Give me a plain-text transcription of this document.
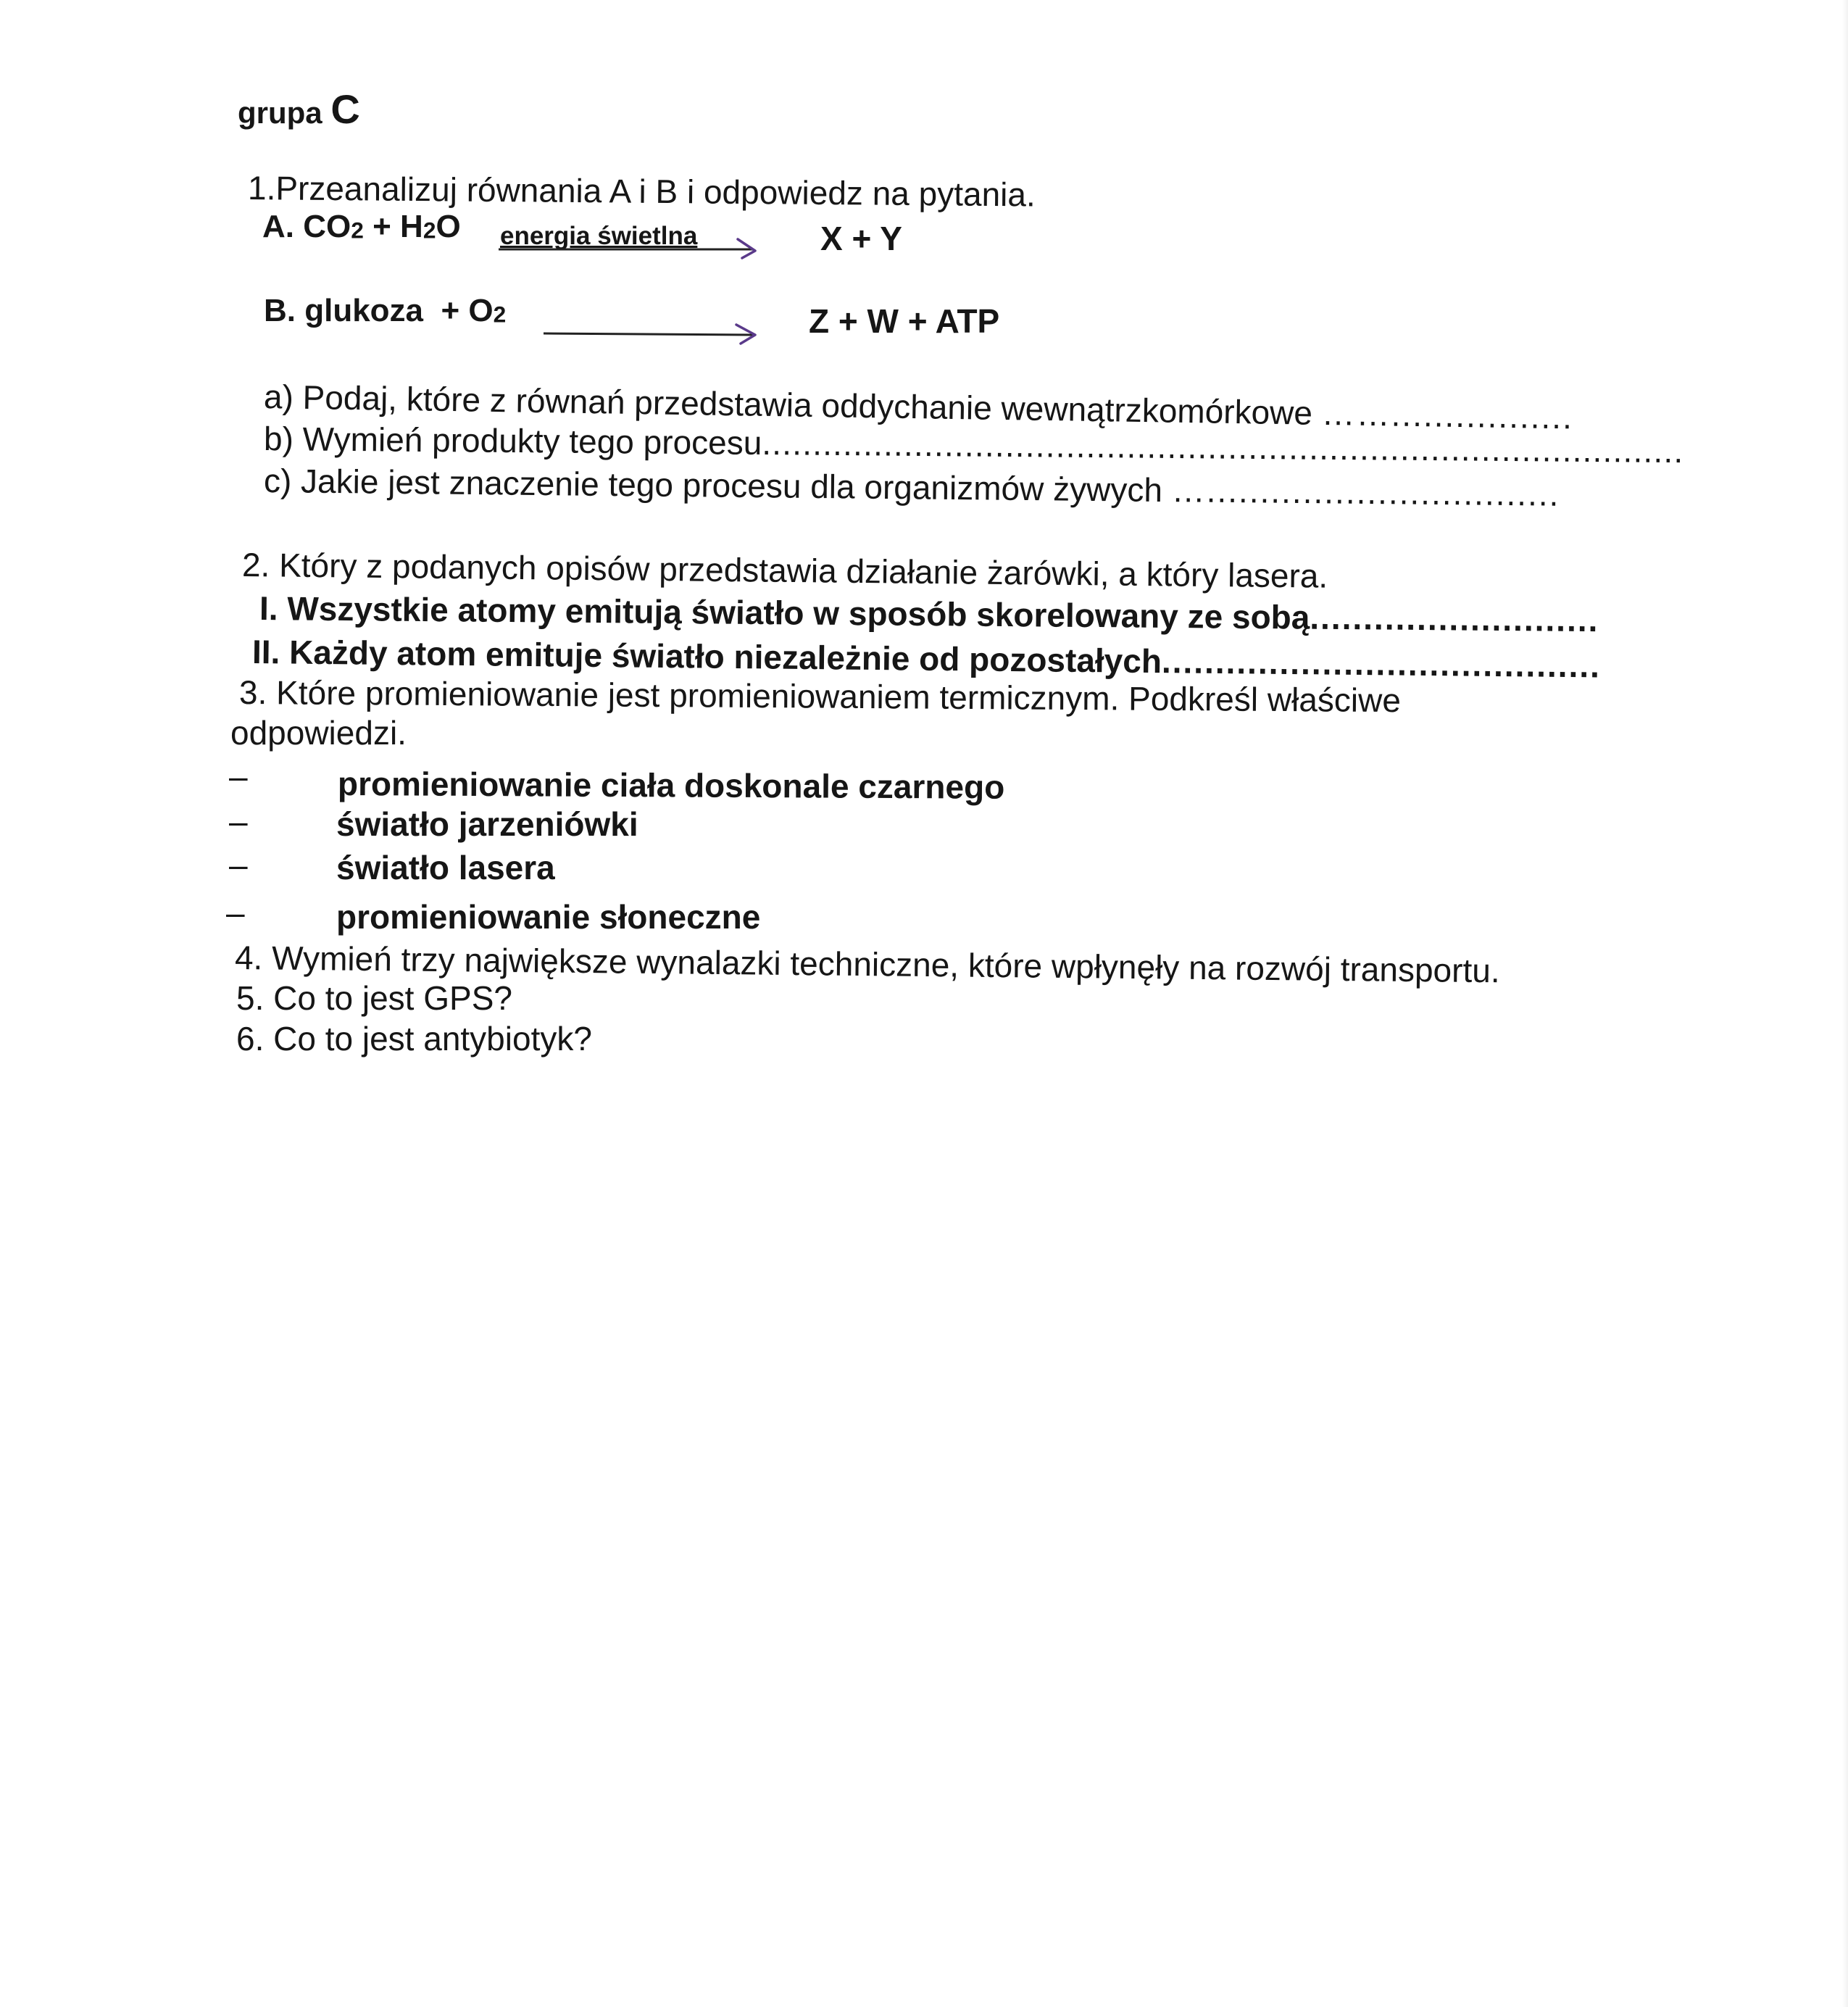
grupa C
1.Przeanalizuj równania A i B i odpowiedz na pytania.
A. $CO_2 + H_2O$ energia świetlna	X + Y
B. glukoza + $O_2$	Z + W + ATP
a) Podaj, które z równań przedstawia oddychanie wewnątrzkomórkowe …….................
b) Wymień produkty tego procesu...........................................................................................
c) Jakie jest znaczenie tego procesu dla organizmów żywych ….................................
2. Który z podanych opisów przedstawia działanie żarówki, a który lasera.
I. Wszystkie atomy emitują światło w sposób skorelowany ze sobą...........................
II. Każdy atom emituje światło niezależnie od pozostałych.........................................
3. Które promieniowanie jest promieniowaniem termicznym. Podkreśl właściwe
odpowiedzi.
–	promieniowanie ciała doskonale czarnego
–	światło jarzeniówki
–	światło lasera
–	promieniowanie słoneczne
4. Wymień trzy największe wynalazki techniczne, które wpłynęły na rozwój transportu.
5. Co to jest GPS?
6. Co to jest antybiotyk?
